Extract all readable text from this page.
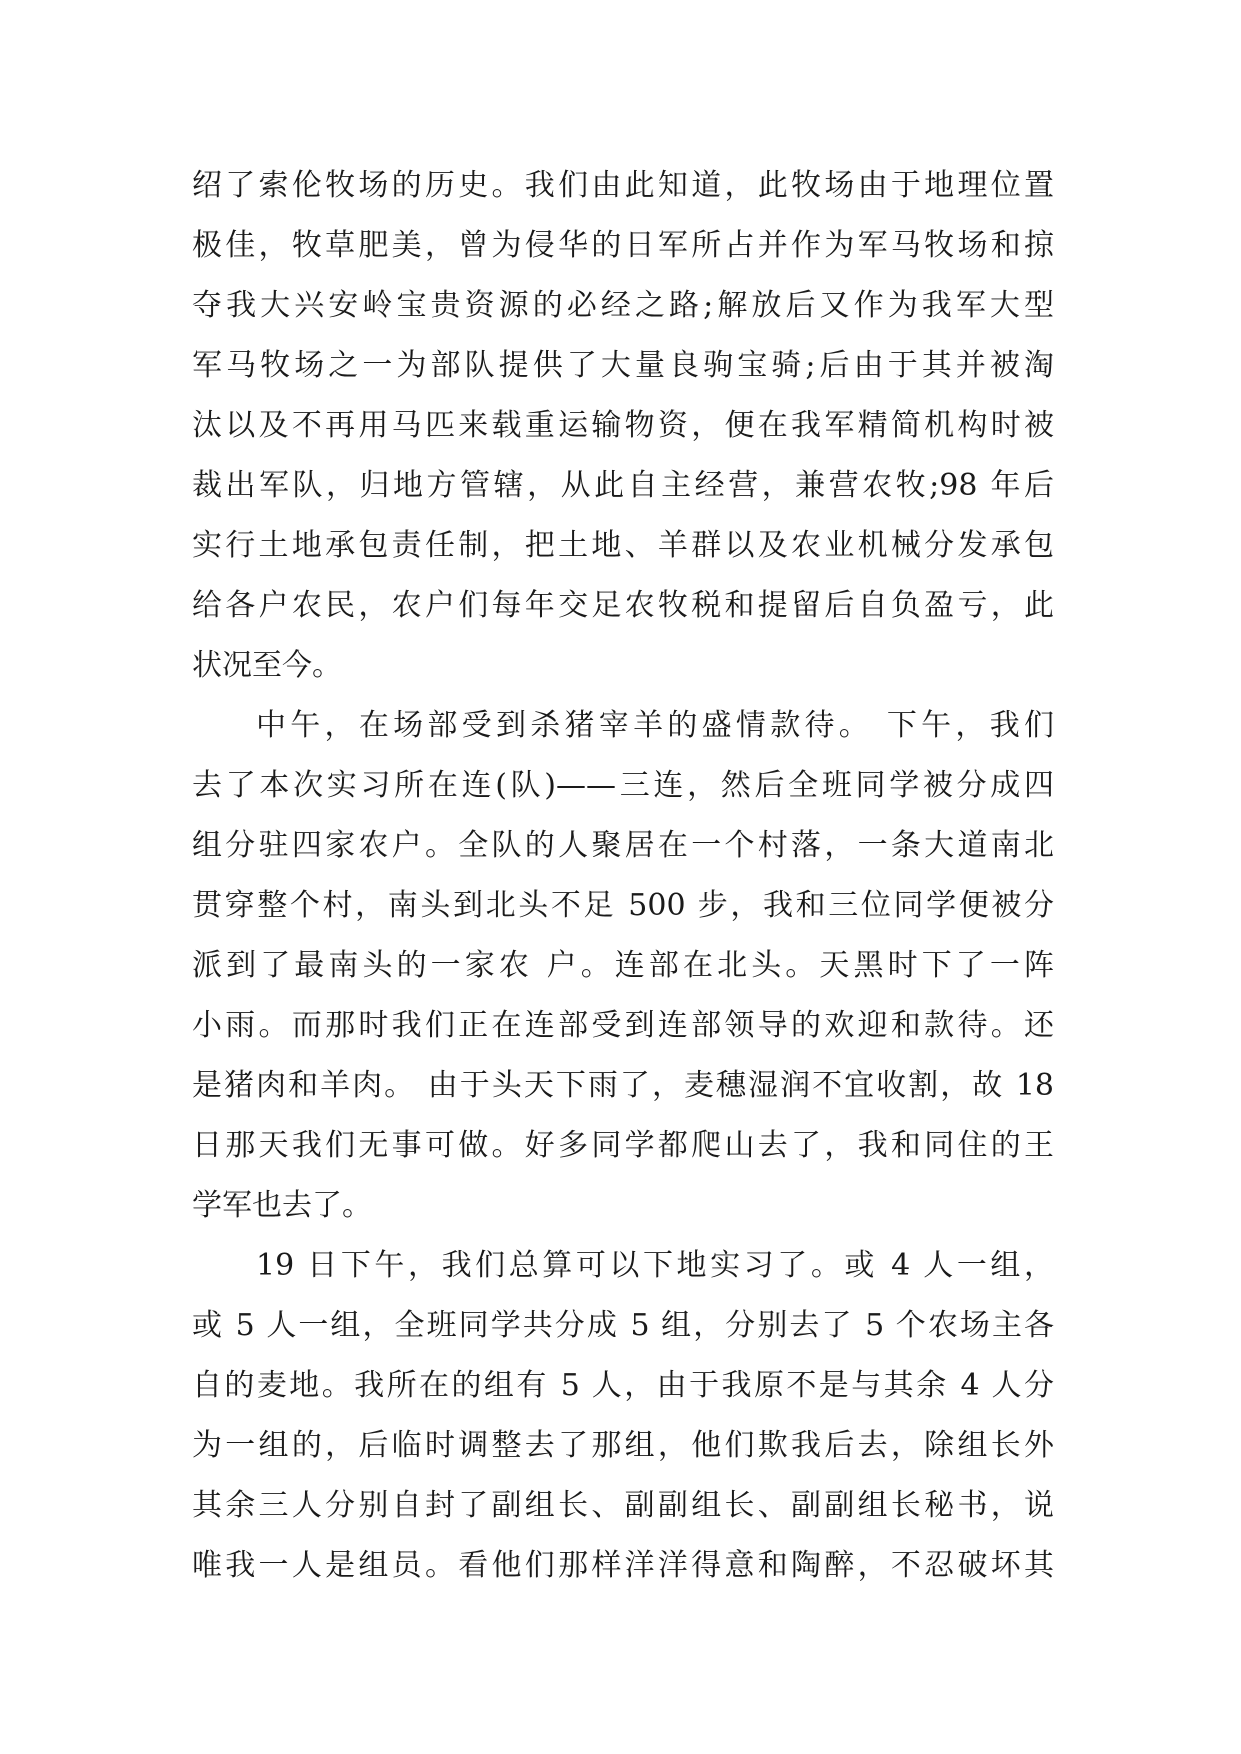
绍了索伦牧场的历史。我们由此知道，此牧场由于地理位置
极佳，牧草肥美，曾为侵华的日军所占并作为军马牧场和掠
夺我大兴安岭宝贵资源的必经之路;解放后又作为我军大型
军马牧场之一为部队提供了大量良驹宝骑;后由于其并被淘
汰以及不再用马匹来载重运输物资，便在我军精简机构时被
裁出军队，归地方管辖，从此自主经营，兼营农牧;98 年后
实行土地承包责任制，把土地、羊群以及农业机械分发承包
给各户农民，农户们每年交足农牧税和提留后自负盈亏，此
状况至今。
中午，在场部受到杀猪宰羊的盛情款待。 下午，我们
去了本次实习所在连(队)——三连，然后全班同学被分成四
组分驻四家农户。全队的人聚居在一个村落，一条大道南北
贯穿整个村，南头到北头不足 500 步，我和三位同学便被分
派到了最南头的一家农 户。连部在北头。天黑时下了一阵
小雨。而那时我们正在连部受到连部领导的欢迎和款待。还
是猪肉和羊肉。 由于头天下雨了，麦穗湿润不宜收割，故 18
日那天我们无事可做。好多同学都爬山去了，我和同住的王
学军也去了。
19 日下午，我们总算可以下地实习了。或 4 人一组，
或 5 人一组，全班同学共分成 5 组，分别去了 5 个农场主各
自的麦地。我所在的组有 5 人，由于我原不是与其余 4 人分
为一组的，后临时调整去了那组，他们欺我后去，除组长外
其余三人分别自封了副组长、副副组长、副副组长秘书，说
唯我一人是组员。看他们那样洋洋得意和陶醉，不忍破坏其
